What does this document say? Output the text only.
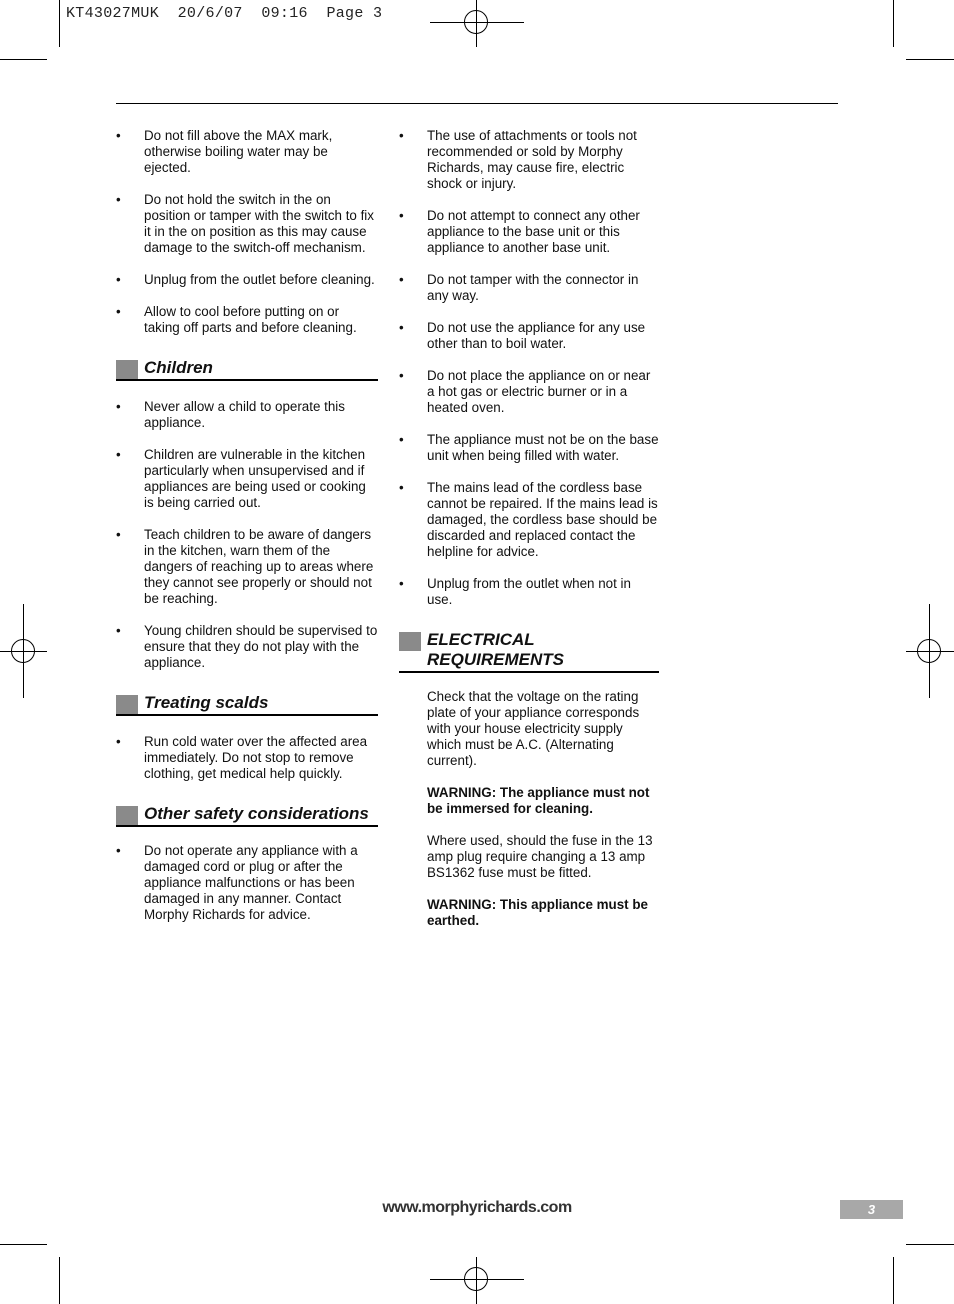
KT43027MUK  20/6/07  09:16  Page 3
• Do not fill above the MAX mark, otherwise boiling water may be ejected.
• Do not hold the switch in the on position or tamper with the switch to fix it in the on position as this may cause damage to the switch-off mechanism.
• Unplug from the outlet before cleaning.
• Allow to cool before putting on or taking off parts and before cleaning.
Children
• Never allow a child to operate this appliance.
• Children are vulnerable in the kitchen particularly when unsupervised and if appliances are being used or cooking is being carried out.
• Teach children to be aware of dangers in the kitchen, warn them of the dangers of reaching up to areas where they cannot see properly or should not be reaching.
• Young children should be supervised to ensure that they do not play with the appliance.
Treating scalds
• Run cold water over the affected area immediately. Do not stop to remove clothing, get medical help quickly.
Other safety considerations
• Do not operate any appliance with a damaged cord or plug or after the appliance malfunctions or has been damaged in any manner. Contact Morphy Richards for advice.
• The use of attachments or tools not recommended or sold by Morphy Richards, may cause fire, electric shock or injury.
• Do not attempt to connect any other appliance to the base unit or this appliance to another base unit.
• Do not tamper with the connector in any way.
• Do not use the appliance for any use other than to boil water.
• Do not place the appliance on or near a hot gas or electric burner or in a heated oven.
• The appliance must not be on the base unit when being filled with water.
• The mains lead of the cordless base cannot be repaired. If the mains lead is damaged, the cordless base should be discarded and replaced contact the helpline for advice.
• Unplug from the outlet when not in use.
ELECTRICAL REQUIREMENTS
Check that the voltage on the rating plate of your appliance corresponds with your house electricity supply which must be A.C. (Alternating current).
WARNING: The appliance must not be immersed for cleaning.
Where used, should the fuse in the 13 amp plug require changing a 13 amp BS1362 fuse must be fitted.
WARNING: This appliance must be earthed.
www.morphyrichards.com	3
